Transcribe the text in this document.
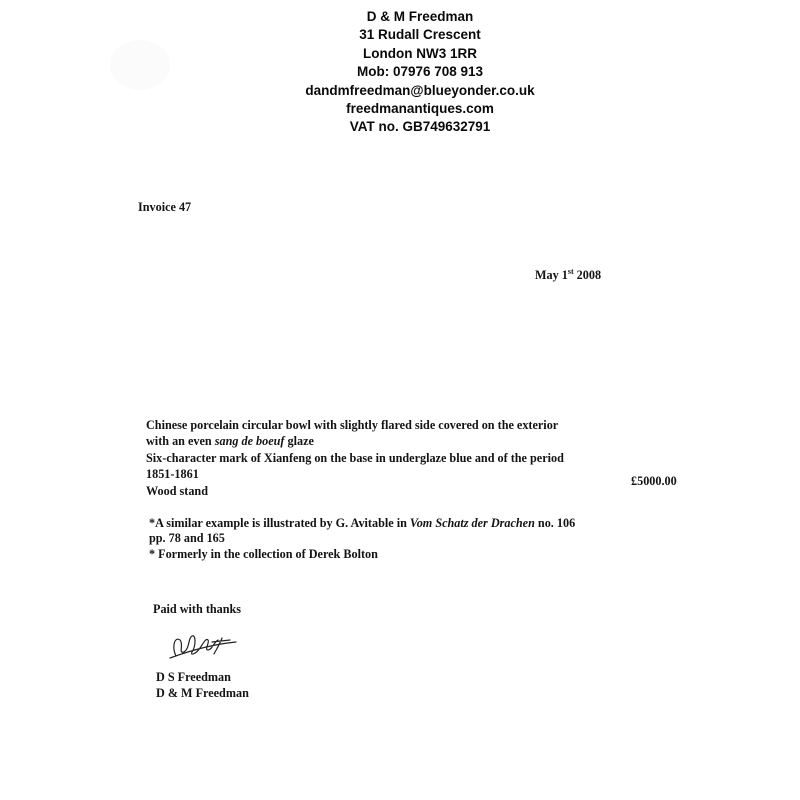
D & M Freedman
31 Rudall Crescent
London NW3 1RR
Mob: 07976 708 913
dandmfreedman@blueyonder.co.uk
freedmanantiques.com
VAT no. GB749632791
Invoice 47
May 1st 2008
Chinese porcelain circular bowl with slightly flared side covered on the exterior
with an even sang de boeuf glaze
Six-character mark of Xianfeng on the base in underglaze blue and of the period
1851-1861
Wood stand
£5000.00
*A similar example is illustrated by G. Avitable in Vom Schatz der Drachen no. 106
pp. 78 and 165
* Formerly in the collection of Derek Bolton
Paid with thanks
D S Freedman
D & M Freedman
